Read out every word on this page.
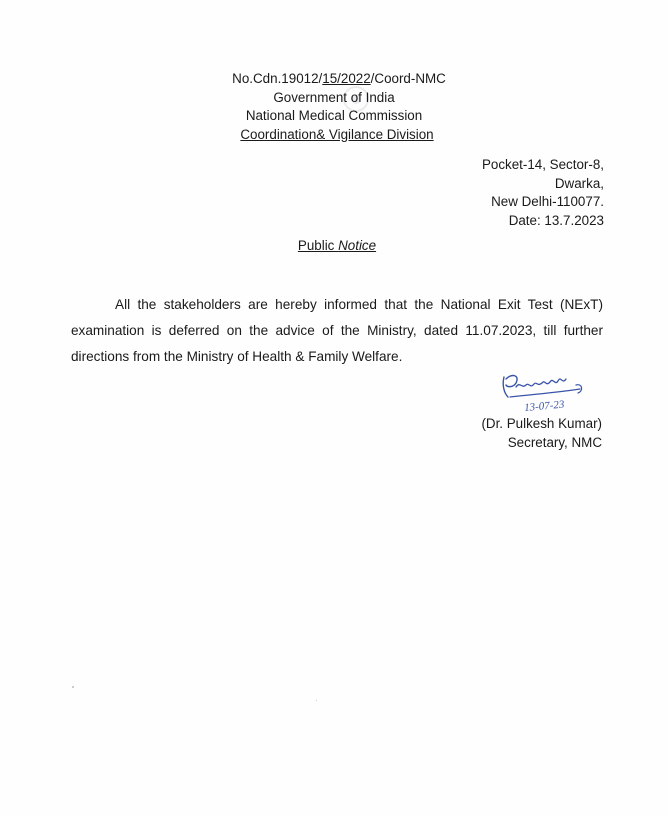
No.Cdn.19012/15/2022/Coord-NMC
Government of India
National Medical Commission
Coordination& Vigilance Division
Pocket-14, Sector-8,
Dwarka,
New Delhi-110077.
Date: 13.7.2023
Public Notice
All the stakeholders are hereby informed that the National Exit Test (NExT) examination is deferred on the advice of the Ministry, dated 11.07.2023, till further directions from the Ministry of Health & Family Welfare.
13-07-23
(Dr. Pulkesh Kumar)
Secretary, NMC
